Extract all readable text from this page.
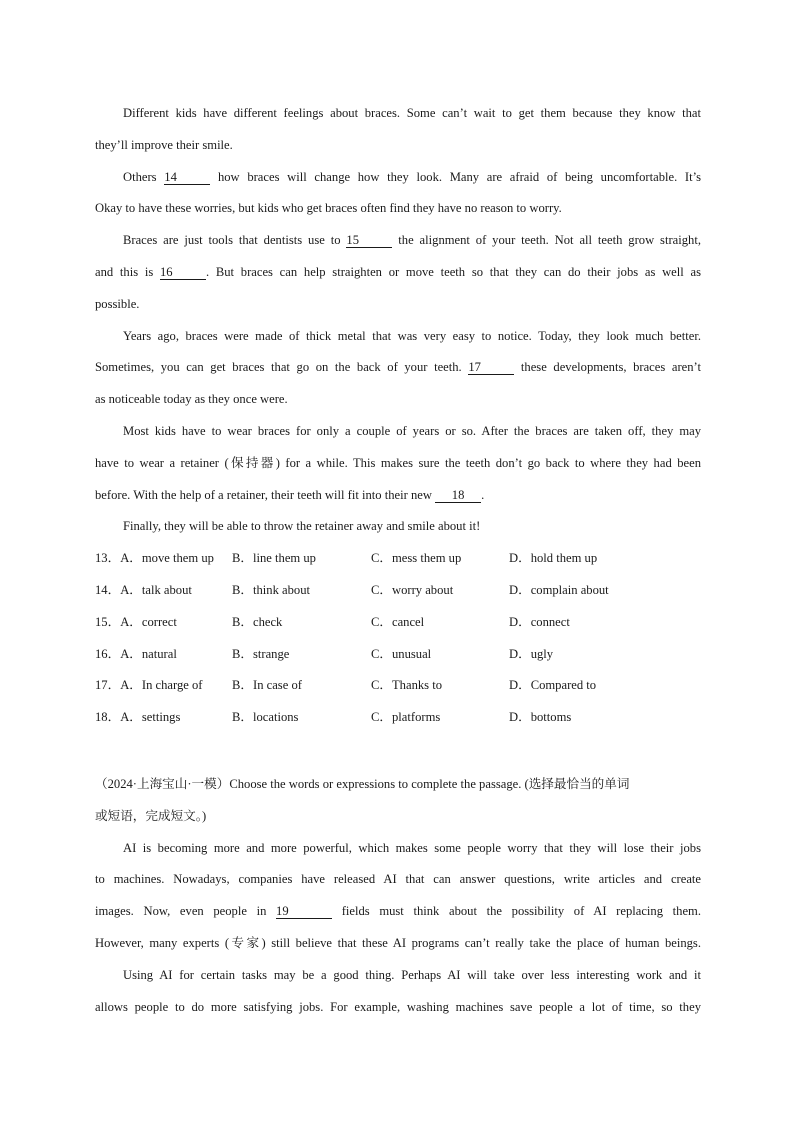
Different kids have different feelings about braces. Some can’t wait to get them because they know that
they’ll improve their smile.
Others 14	how braces will change how they look. Many are afraid of being uncomfortable. It’s
Okay to have these worries, but kids who get braces often find they have no reason to worry.
Braces are just tools that dentists use to 15	the alignment of your teeth. Not all teeth grow straight,
and this is 16	. But braces can help straighten or move teeth so that they can do their jobs as well as
possible.
Years ago, braces were made of thick metal that was very easy to notice. Today, they look much better.
Sometimes, you can get braces that go on the back of your teeth. 17	these developments, braces aren’t
as noticeable today as they once were.
Most kids have to wear braces for only a couple of years or so. After the braces are taken off, they may
have to wear a retainer (保持器) for a while. This makes sure the teeth don’t go back to where they had been
before. With the help of a retainer, their teeth will fit into their new 18 .
Finally, they will be able to throw the retainer away and smile about it!
13．A．move them up B．line them up	C．mess them up	D．hold them up
14．A．talk about	B．think about	C．worry about	D．complain about
15．A．correct	B．check	C．cancel	D．connect
16．A．natural	B．strange	C．unusual	D．ugly
17．A．In charge of B．In case of	C．Thanks to	D．Compared to
18．A．settings	B．locations	C．platforms	D．bottoms
（2024·上海宝山·一模）Choose the words or expressions to complete the passage. (选择最恰当的单词
或短语，完成短文。)
AI is becoming more and more powerful, which makes some people worry that they will lose their jobs
to machines. Nowadays, companies have released AI that can answer questions, write articles and create
images. Now, even people in 19	fields must think about the possibility of AI replacing them.
However, many experts (专家) still believe that these AI programs can’t really take the place of human beings.
Using AI for certain tasks may be a good thing. Perhaps AI will take over less interesting work and it
allows people to do more satisfying jobs. For example, washing machines save people a lot of time, so they
